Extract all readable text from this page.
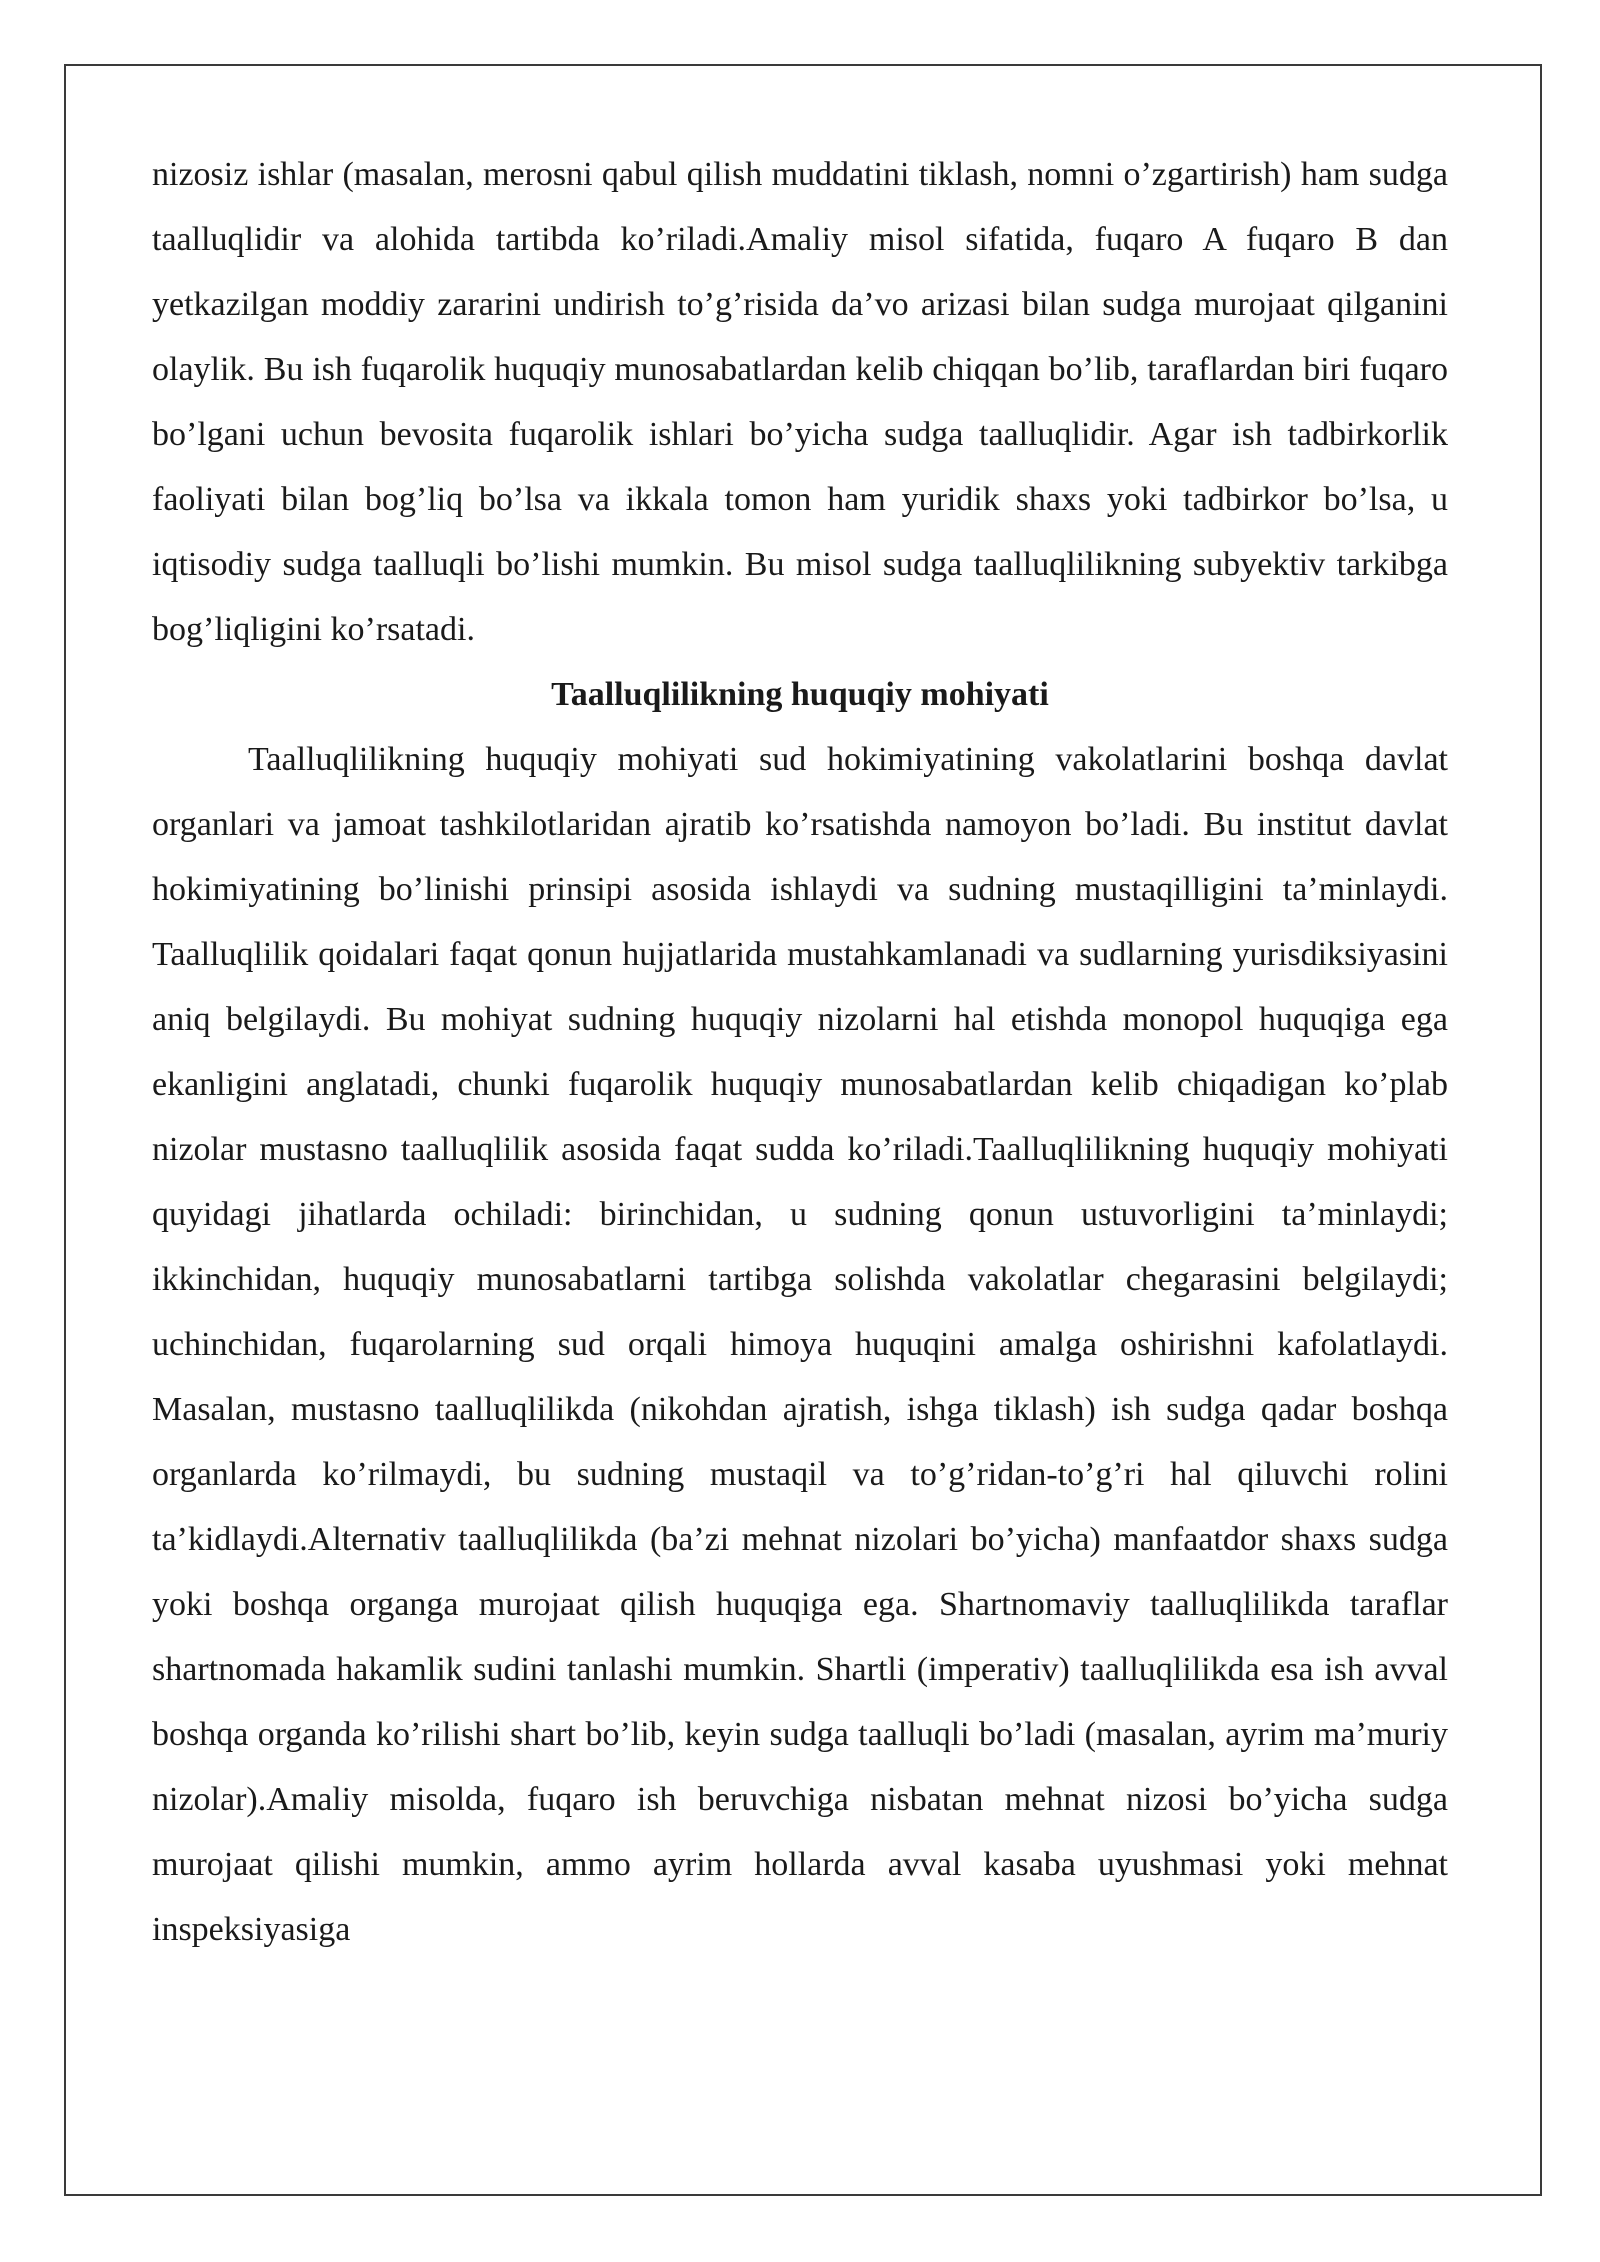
nizosiz ishlar (masalan, merosni qabul qilish muddatini tiklash, nomni o’zgartirish) ham sudga taalluqlidir va alohida tartibda ko’riladi.Amaliy misol sifatida, fuqaro A fuqaro B dan yetkazilgan moddiy zararini undirish to’g’risida da’vo arizasi bilan sudga murojaat qilganini olaylik. Bu ish fuqarolik huquqiy munosabatlardan kelib chiqqan bo’lib, taraflardan biri fuqaro bo’lgani uchun bevosita fuqarolik ishlari bo’yicha sudga taalluqlidir. Agar ish tadbirkorlik faoliyati bilan bog’liq bo’lsa va ikkala tomon ham yuridik shaxs yoki tadbirkor bo’lsa, u iqtisodiy sudga taalluqli bo’lishi mumkin. Bu misol sudga taalluqlilikning subyektiv tarkibga bog’liqligini ko’rsatadi.

Taalluqlilikning huquqiy mohiyati

Taalluqlilikning huquqiy mohiyati sud hokimiyatining vakolatlarini boshqa davlat organlari va jamoat tashkilotlaridan ajratib ko’rsatishda namoyon bo’ladi. Bu institut davlat hokimiyatining bo’linishi prinsipi asosida ishlaydi va sudning mustaqilligini ta’minlaydi. Taalluqlilik qoidalari faqat qonun hujjatlarida mustahkamlanadi va sudlarning yurisdiksiyasini aniq belgilaydi. Bu mohiyat sudning huquqiy nizolarni hal etishda monopol huquqiga ega ekanligini anglatadi, chunki fuqarolik huquqiy munosabatlardan kelib chiqadigan ko’plab nizolar mustasno taalluqlilik asosida faqat sudda ko’riladi.Taalluqlilikning huquqiy mohiyati quyidagi jihatlarda ochiladi: birinchidan, u sudning qonun ustuvorligini ta’minlaydi; ikkinchidan, huquqiy munosabatlarni tartibga solishda vakolatlar chegarasini belgilaydi; uchinchidan, fuqarolarning sud orqali himoya huquqini amalga oshirishni kafolatlaydi. Masalan, mustasno taalluqlilikda (nikohdan ajratish, ishga tiklash) ish sudga qadar boshqa organlarda ko’rilmaydi, bu sudning mustaqil va to’g’ridan-to’g’ri hal qiluvchi rolini ta’kidlaydi.Alternativ taalluqlilikda (ba’zi mehnat nizolari bo’yicha) manfaatdor shaxs sudga yoki boshqa organga murojaat qilish huquqiga ega. Shartnomaviy taalluqlilikda taraflar shartnomada hakamlik sudini tanlashi mumkin. Shartli (imperativ) taalluqlilikda esa ish avval boshqa organda ko’rilishi shart bo’lib, keyin sudga taalluqli bo’ladi (masalan, ayrim ma’muriy nizolar).Amaliy misolda, fuqaro ish beruvchiga nisbatan mehnat nizosi bo’yicha sudga murojaat qilishi mumkin, ammo ayrim hollarda avval kasaba uyushmasi yoki mehnat inspeksiyasiga
